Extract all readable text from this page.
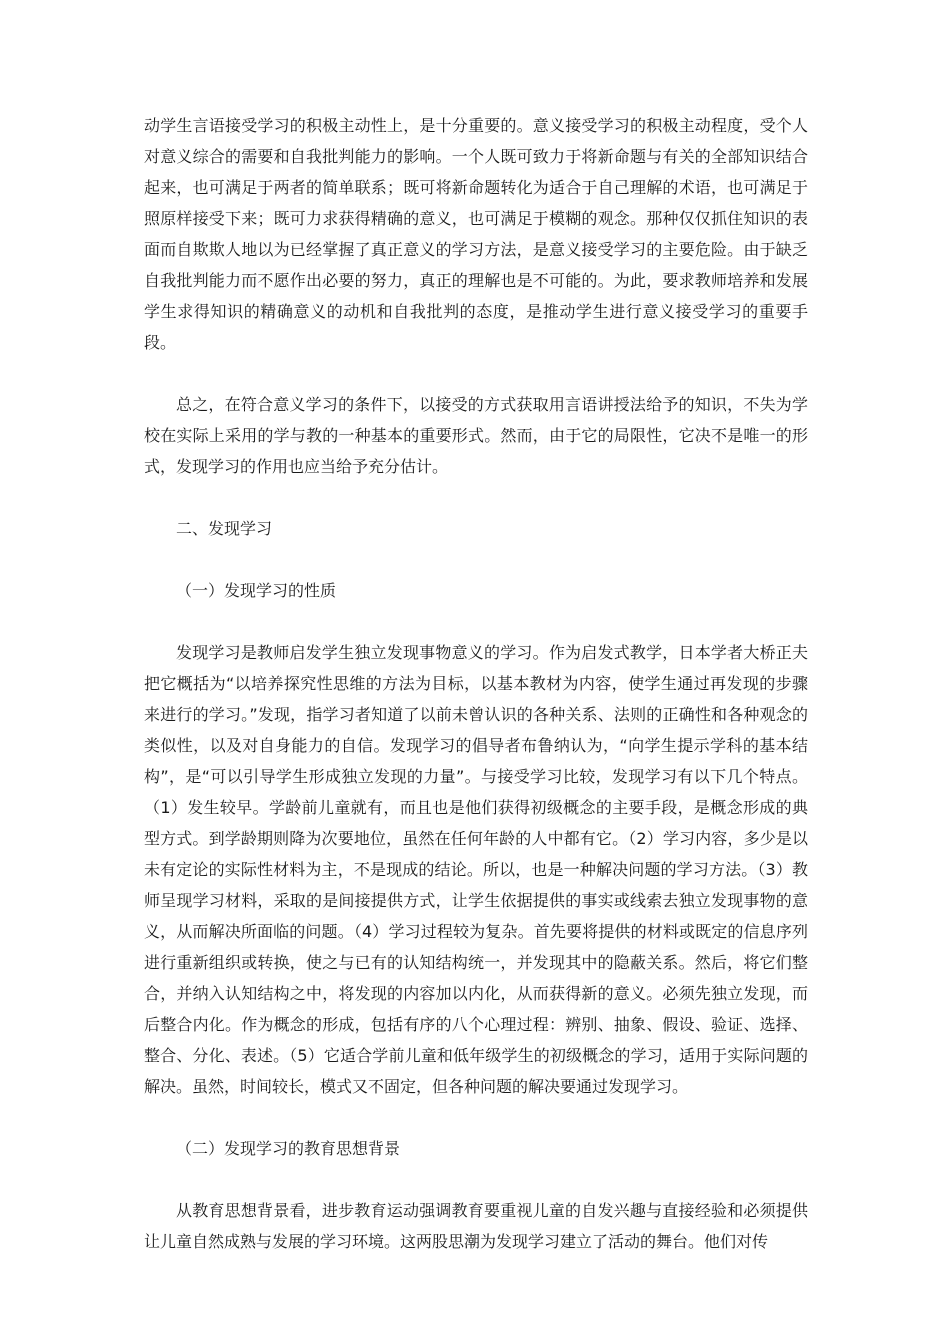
动学生言语接受学习的积极主动性上，是十分重要的。意义接受学习的积极主动程度，受个人对意义综合的需要和自我批判能力的影响。一个人既可致力于将新命题与有关的全部知识结合起来，也可满足于两者的简单联系；既可将新命题转化为适合于自己理解的术语，也可满足于照原样接受下来；既可力求获得精确的意义，也可满足于模糊的观念。那种仅仅抓住知识的表面而自欺欺人地以为已经掌握了真正意义的学习方法，是意义接受学习的主要危险。由于缺乏自我批判能力而不愿作出必要的努力，真正的理解也是不可能的。为此，要求教师培养和发展学生求得知识的精确意义的动机和自我批判的态度，是推动学生进行意义接受学习的重要手段。

总之，在符合意义学习的条件下，以接受的方式获取用言语讲授法给予的知识，不失为学校在实际上采用的学与教的一种基本的重要形式。然而，由于它的局限性，它决不是唯一的形式，发现学习的作用也应当给予充分估计。

二、发现学习

（一）发现学习的性质

发现学习是教师启发学生独立发现事物意义的学习。作为启发式教学，日本学者大桥正夫把它概括为“以培养探究性思维的方法为目标，以基本教材为内容，使学生通过再发现的步骤来进行的学习。”发现，指学习者知道了以前未曾认识的各种关系、法则的正确性和各种观念的类似性，以及对自身能力的自信。发现学习的倡导者布鲁纳认为，“向学生提示学科的基本结构”，是“可以引导学生形成独立发现的力量”。与接受学习比较，发现学习有以下几个特点。（1）发生较早。学龄前儿童就有，而且也是他们获得初级概念的主要手段，是概念形成的典型方式。到学龄期则降为次要地位，虽然在任何年龄的人中都有它。（2）学习内容，多少是以未有定论的实际性材料为主，不是现成的结论。所以，也是一种解决问题的学习方法。（3）教师呈现学习材料，采取的是间接提供方式，让学生依据提供的事实或线索去独立发现事物的意义，从而解决所面临的问题。（4）学习过程较为复杂。首先要将提供的材料或既定的信息序列进行重新组织或转换，使之与已有的认知结构统一，并发现其中的隐蔽关系。然后，将它们整合，并纳入认知结构之中，将发现的内容加以内化，从而获得新的意义。必须先独立发现，而后整合内化。作为概念的形成，包括有序的八个心理过程：辨别、抽象、假设、验证、选择、整合、分化、表述。（5）它适合学前儿童和低年级学生的初级概念的学习，适用于实际问题的解决。虽然，时间较长，模式又不固定，但各种问题的解决要通过发现学习。

（二）发现学习的教育思想背景

从教育思想背景看，进步教育运动强调教育要重视儿童的自发兴趣与直接经验和必须提供让儿童自然成熟与发展的学习环境。这两股思潮为发现学习建立了活动的舞台。他们对传
